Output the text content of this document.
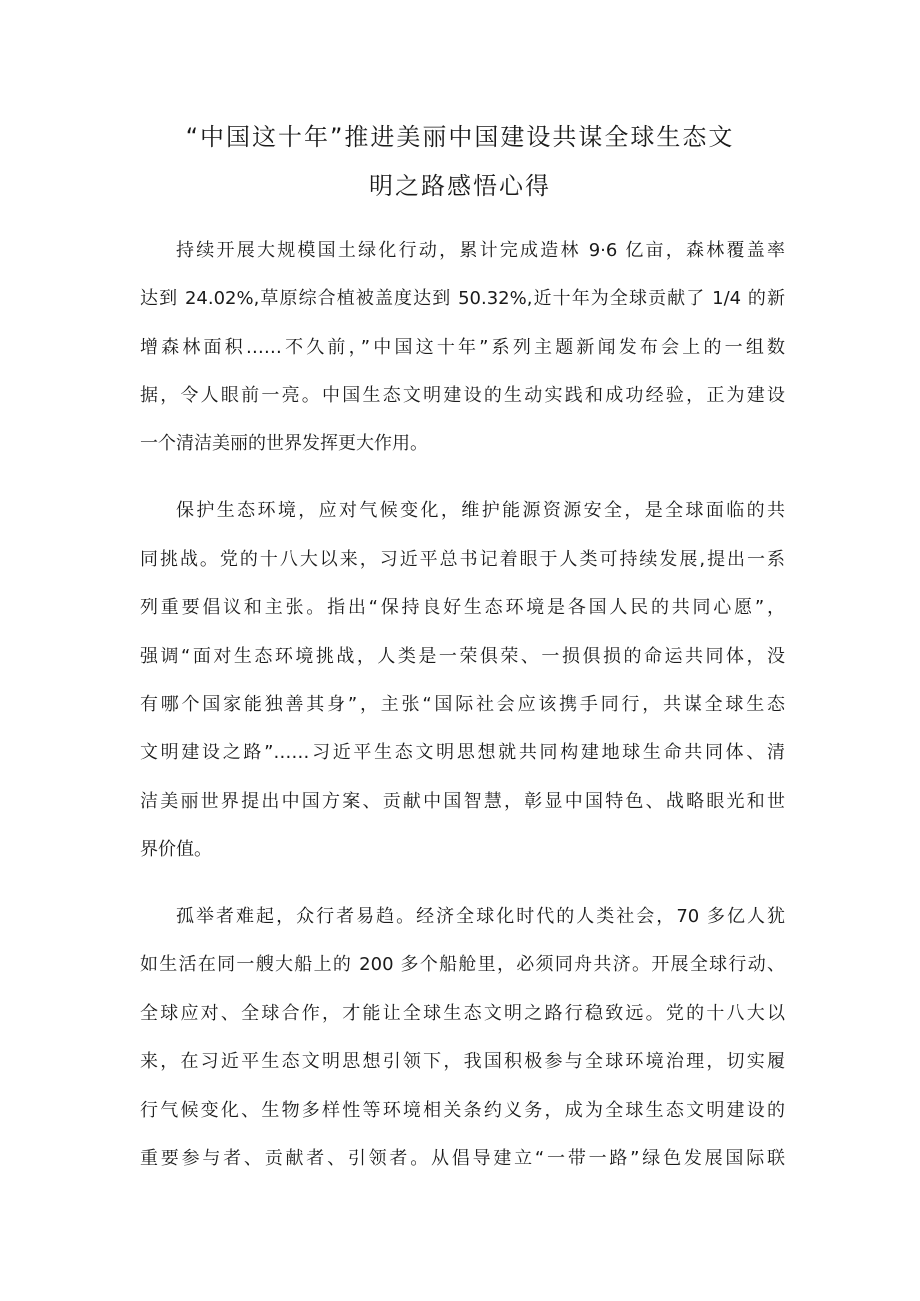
“中国这十年”推进美丽中国建设共谋全球生态文
明之路感悟心得
持续开展大规模国土绿化行动，累计完成造林 9·6 亿亩，森林覆盖率
达到 24.02%,草原综合植被盖度达到 50.32%,近十年为全球贡献了 1/4 的新
增森林面积……不久前，”中国这十年”系列主题新闻发布会上的一组数
据，令人眼前一亮。中国生态文明建设的生动实践和成功经验，正为建设
一个清洁美丽的世界发挥更大作用。
保护生态环境，应对气候变化，维护能源资源安全，是全球面临的共
同挑战。党的十八大以来，习近平总书记着眼于人类可持续发展,提出一系
列重要倡议和主张。指出“保持良好生态环境是各国人民的共同心愿”，
强调“面对生态环境挑战，人类是一荣俱荣、一损俱损的命运共同体，没
有哪个国家能独善其身”，主张“国际社会应该携手同行，共谋全球生态
文明建设之路”……习近平生态文明思想就共同构建地球生命共同体、清
洁美丽世界提出中国方案、贡献中国智慧，彰显中国特色、战略眼光和世
界价值。
孤举者难起，众行者易趋。经济全球化时代的人类社会，70 多亿人犹
如生活在同一艘大船上的 200 多个船舱里，必须同舟共济。开展全球行动、
全球应对、全球合作，才能让全球生态文明之路行稳致远。党的十八大以
来，在习近平生态文明思想引领下，我国积极参与全球环境治理，切实履
行气候变化、生物多样性等环境相关条约义务，成为全球生态文明建设的
重要参与者、贡献者、引领者。从倡导建立“一带一路”绿色发展国际联
